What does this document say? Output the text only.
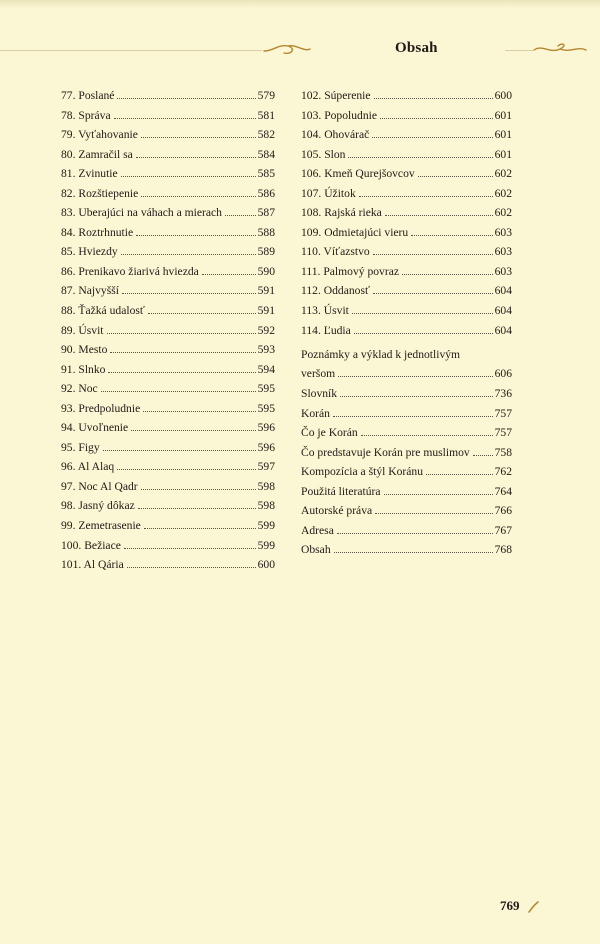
Obsah
77. Poslané	579
78. Správa	581
79. Vyťahovanie	582
80. Zamračil sa	584
81. Zvinutie	585
82. Rozštiepenie	586
83. Uberajúci na váhach a mierach	587
84. Roztrhnutie	588
85. Hviezdy	589
86. Prenikavo žiarivá hviezda	590
87. Najvyšší	591
88. Ťažká udalosť	591
89. Úsvit	592
90. Mesto	593
91. Slnko	594
92. Noc	595
93. Predpoludnie	595
94. Uvoľnenie	596
95. Figy	596
96. Al Alaq	597
97. Noc Al Qadr	598
98. Jasný dôkaz	598
99. Zemetrasenie	599
100. Bežiace	599
101. Al Qária	600
102. Súperenie	600
103. Popoludnie	601
104. Ohovárač	601
105. Slon	601
106. Kmeň Qurejšovcov	602
107. Úžitok	602
108. Rajská rieka	602
109. Odmietajúci vieru	603
110. Víťazstvo	603
111. Palmový povraz	603
112. Oddanosť	604
113. Úsvit	604
114. Ľudia	604
Poznámky a výklad k jednotlivým
veršom	606
Slovník	736
Korán	757
Čo je Korán	757
Čo predstavuje Korán pre muslimov 758
Kompozícia a štýl Koránu	762
Použitá literatúra	764
Autorské práva	766
Adresa	767
Obsah	768
769
